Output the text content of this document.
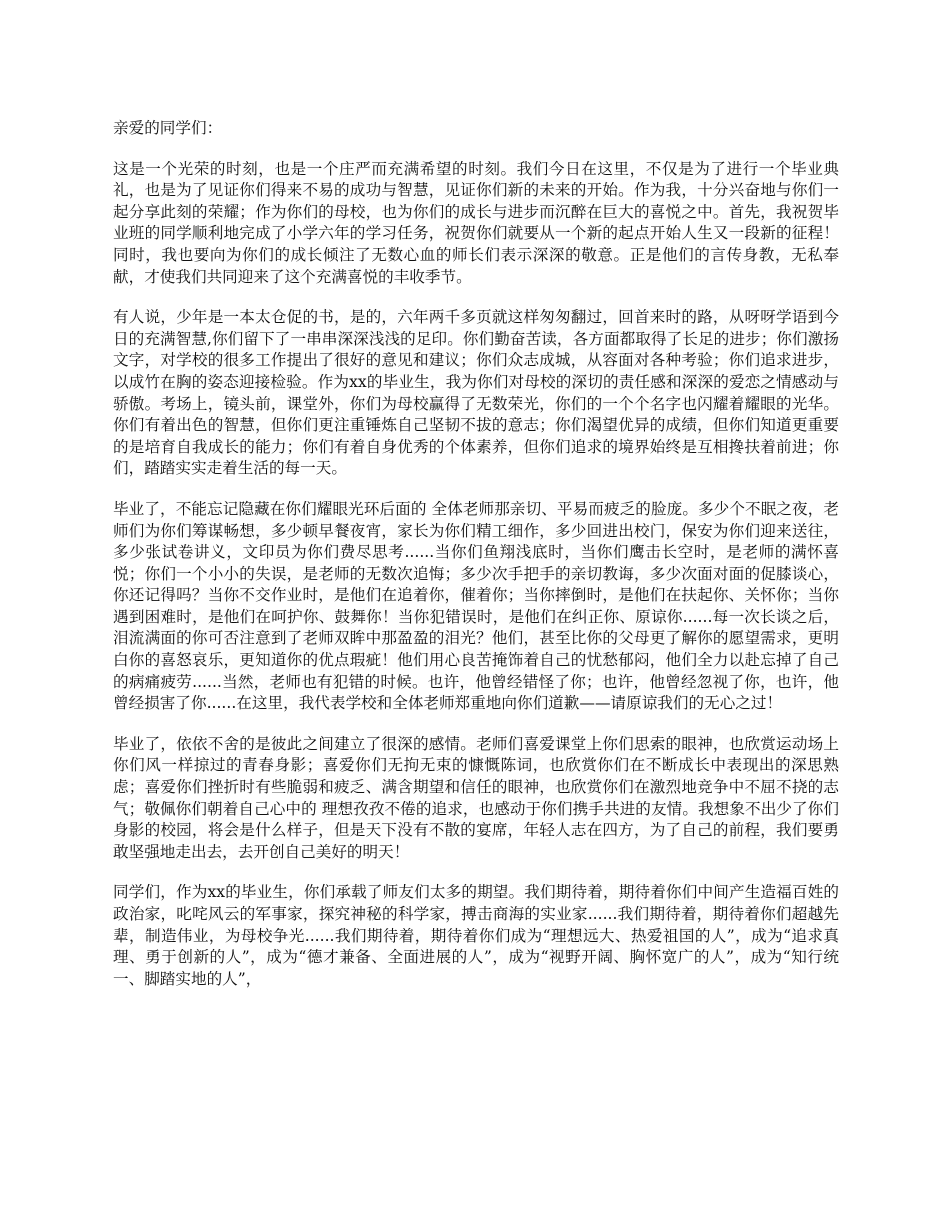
亲爱的同学们：

这是一个光荣的时刻，也是一个庄严而充满希望的时刻。我们今日在这里，不仅是为了进行一个毕业典礼，也是为了见证你们得来不易的成功与智慧，见证你们新的未来的开始。作为我，十分兴奋地与你们一起分享此刻的荣耀；作为你们的母校，也为你们的成长与进步而沉醉在巨大的喜悦之中。首先，我祝贺毕业班的同学顺利地完成了小学六年的学习任务，祝贺你们就要从一个新的起点开始人生又一段新的征程！同时，我也要向为你们的成长倾注了无数心血的师长们表示深深的敬意。正是他们的言传身教，无私奉献，才使我们共同迎来了这个充满喜悦的丰收季节。

有人说，少年是一本太仓促的书，是的，六年两千多页就这样匆匆翻过，回首来时的路，从呀呀学语到今日的充满智慧,你们留下了一串串深深浅浅的足印。你们勤奋苦读，各方面都取得了长足的进步；你们激扬文字，对学校的很多工作提出了很好的意见和建议；你们众志成城，从容面对各种考验；你们追求进步，以成竹在胸的姿态迎接检验。作为xx的毕业生，我为你们对母校的深切的责任感和深深的爱恋之情感动与骄傲。考场上，镜头前，课堂外，你们为母校赢得了无数荣光，你们的一个个名字也闪耀着耀眼的光华。你们有着出色的智慧，但你们更注重锤炼自己坚韧不拔的意志；你们渴望优异的成绩，但你们知道更重要的是培育自我成长的能力；你们有着自身优秀的个体素养，但你们追求的境界始终是互相搀扶着前进；你们，踏踏实实走着生活的每一天。

毕业了，不能忘记隐藏在你们耀眼光环后面的 全体老师那亲切、平易而疲乏的脸庞。多少个不眠之夜，老师们为你们筹谋畅想，多少顿早餐夜宵，家长为你们精工细作，多少回进出校门，保安为你们迎来送往，多少张试卷讲义，文印员为你们费尽思考......当你们鱼翔浅底时，当你们鹰击长空时，是老师的满怀喜悦；你们一个小小的失误，是老师的无数次追悔；多少次手把手的亲切教诲，多少次面对面的促膝谈心，你还记得吗？当你不交作业时，是他们在追着你，催着你；当你摔倒时，是他们在扶起你、关怀你；当你遇到困难时，是他们在呵护你、鼓舞你！当你犯错误时，是他们在纠正你、原谅你......每一次长谈之后，泪流满面的你可否注意到了老师双眸中那盈盈的泪光？他们，甚至比你的父母更了解你的愿望需求，更明白你的喜怒哀乐，更知道你的优点瑕疵！他们用心良苦掩饰着自己的忧愁郁闷，他们全力以赴忘掉了自己的病痛疲劳......当然，老师也有犯错的时候。也许，他曾经错怪了你；也许，他曾经忽视了你，也许，他曾经损害了你......在这里，我代表学校和全体老师郑重地向你们道歉——请原谅我们的无心之过！

毕业了，依依不舍的是彼此之间建立了很深的感情。老师们喜爱课堂上你们思索的眼神，也欣赏运动场上你们风一样掠过的青春身影；喜爱你们无拘无束的慷慨陈词，也欣赏你们在不断成长中表现出的深思熟虑；喜爱你们挫折时有些脆弱和疲乏、满含期望和信任的眼神，也欣赏你们在激烈地竞争中不屈不挠的志气；敬佩你们朝着自己心中的 理想孜孜不倦的追求，也感动于你们携手共进的友情。我想象不出少了你们身影的校园，将会是什么样子，但是天下没有不散的宴席，年轻人志在四方，为了自己的前程，我们要勇敢坚强地走出去，去开创自己美好的明天！

同学们，作为xx的毕业生，你们承载了师友们太多的期望。我们期待着，期待着你们中间产生造福百姓的政治家，叱咤风云的军事家，探究神秘的科学家，搏击商海的实业家......我们期待着，期待着你们超越先辈，制造伟业，为母校争光......我们期待着，期待着你们成为“理想远大、热爱祖国的人”，成为“追求真理、勇于创新的人”，成为“德才兼备、全面进展的人”，成为“视野开阔、胸怀宽广的人”，成为“知行统一、脚踏实地的人”，
